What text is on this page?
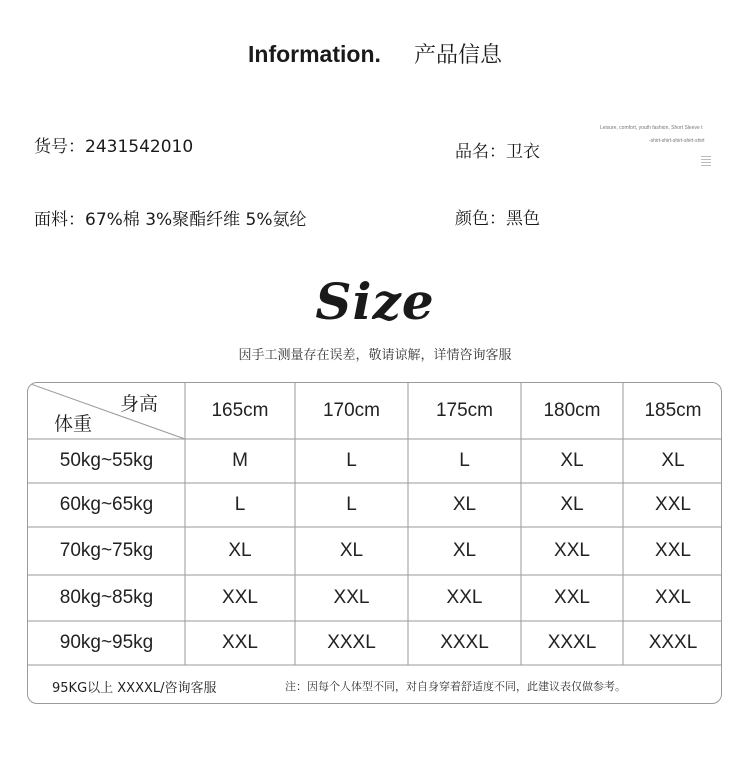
Information. 产品信息
货号：2431542010	品名：卫衣
面料：67%棉 3%聚酯纤维 5%氨纶	颜色：黑色
Leisure, comfort, youth fashion, Short Sleeve t
-shirt-shirt-shirt-shirt-shirt
Size
因手工测量存在误差，敬请谅解，详情咨询客服
身高
体重
165cm	170cm	175cm	180cm	185cm
50kg~55kg	M	L	L	XL	XL
60kg~65kg	L	L	XL	XL	XXL
70kg~75kg	XL	XL	XL	XXL	XXL
80kg~85kg	XXL	XXL	XXL	XXL	XXL
90kg~95kg	XXL	XXXL	XXXL	XXXL	XXXL
95KG以上 XXXXL/咨询客服	注：因每个人体型不同，对自身穿着舒适度不同，此建议表仅做参考。
